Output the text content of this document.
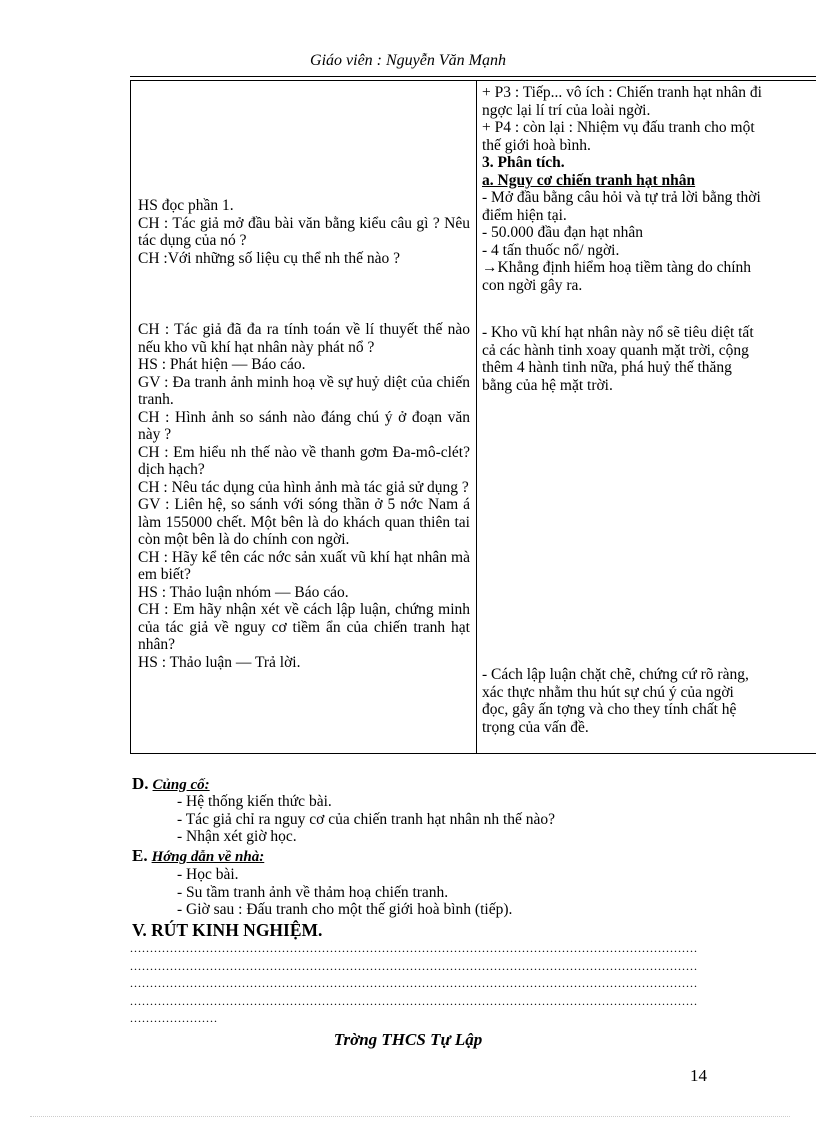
Giáo viên : Nguyễn Văn Mạnh
HS đọc phần 1.
CH : Tác giả mở đầu bài văn bằng kiểu câu gì ? Nêu tác dụng của nó ?
CH :Với những số liệu cụ thể nh thế nào ?
CH : Tác giả đã đa ra tính toán về lí thuyết thế nào nếu kho vũ khí hạt nhân này phát nổ ?
HS : Phát hiện — Báo cáo.
GV : Đa tranh ảnh minh hoạ về sự huỷ diệt của chiến tranh.
CH : Hình ảnh so sánh nào đáng chú ý ở đoạn văn này ?
CH : Em hiểu nh thế nào về thanh gơm Đa-mô-clét? dịch hạch?
CH : Nêu tác dụng của hình ảnh mà tác giả sử dụng ?
GV : Liên hệ, so sánh với sóng thần ở 5 nớc Nam á làm 155000 chết. Một bên là do khách quan thiên tai còn một bên là do chính con ngời.
CH : Hãy kể tên các nớc sản xuất vũ khí hạt nhân mà em biết?
HS : Thảo luận nhóm — Báo cáo.
CH : Em hãy nhận xét về cách lập luận, chứng minh của tác giả về nguy cơ tiềm ẩn của chiến tranh hạt nhân?
HS : Thảo luận — Trả lời.
+ P3 : Tiếp... vô ích : Chiến tranh hạt nhân đi
ngợc lại lí trí của loài ngời.
+ P4 : còn lại : Nhiệm vụ đấu tranh cho một
thế giới hoà bình.
3. Phân tích.
a. Nguy cơ chiến tranh hạt nhân
- Mở đầu bằng câu hỏi và tự trả lời bằng thời
điểm hiện tại.
- 50.000 đầu đạn hạt nhân
- 4 tấn thuốc nổ/ ngời.
→Khẳng định hiểm hoạ tiềm tàng do chính
con ngời gây ra.
- Kho vũ khí hạt nhân này nổ sẽ tiêu diệt tất
cả các hành tinh xoay quanh mặt trời, cộng
thêm 4 hành tinh nữa, phá huỷ thế thăng
bằng của hệ mặt trời.
- Cách lập luận chặt chẽ, chứng cứ rõ ràng,
xác thực nhằm thu hút sự chú ý của ngời
đọc, gây ấn tợng và cho they tính chất hệ
trọng của vấn đề.
D. Củng cố:
- Hệ thống kiến thức bài.
- Tác giả chỉ ra nguy cơ của chiến tranh hạt nhân nh thế nào?
- Nhận xét giờ học.
E. Hớng dẫn về nhà:
- Học bài.
- Su tầm tranh ảnh về thảm hoạ chiến tranh.
- Giờ sau : Đấu tranh cho một thế giới hoà bình (tiếp).
V. RÚT KINH NGHIỆM.
..............................................................................................................................................
..............................................................................................................................................
..............................................................................................................................................
..............................................................................................................................................
......................
Trờng THCS Tự Lập
14
